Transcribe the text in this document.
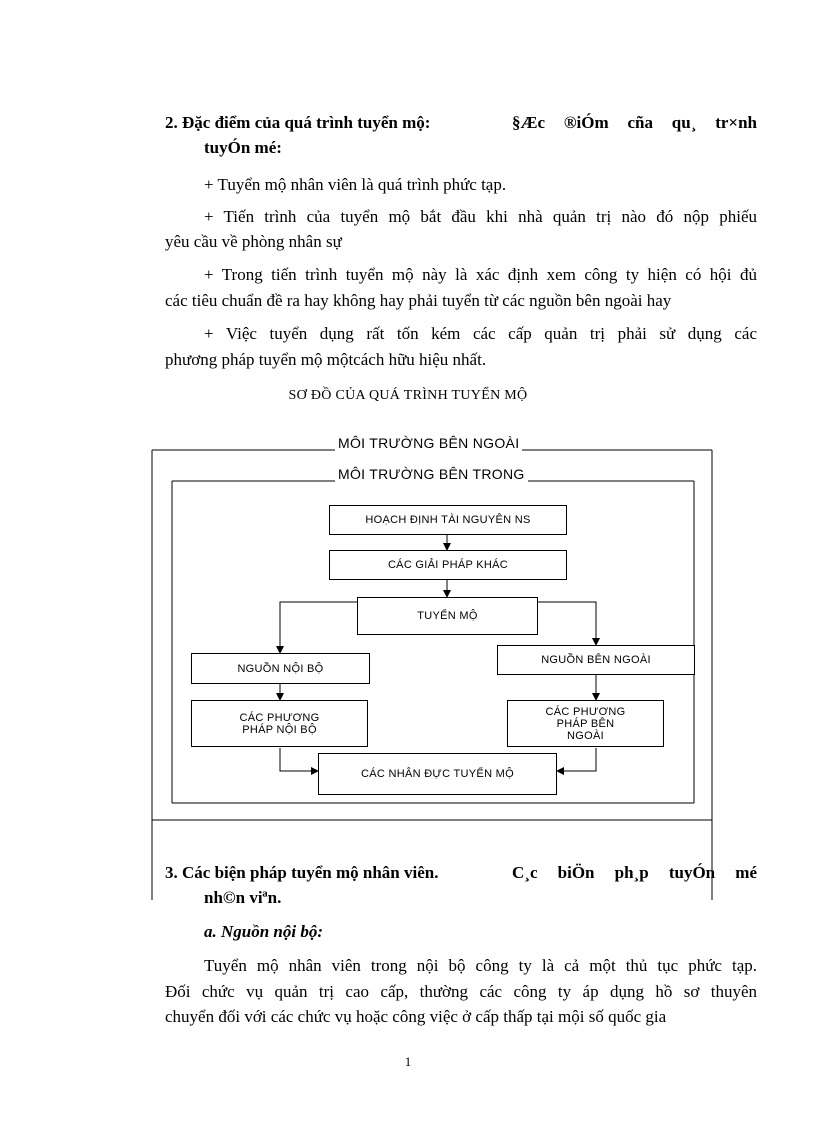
2. Đặc điểm của quá trình tuyển mộ:	§Æc ®iÓm cña qu¸ tr×nh
tuyÓn mé:
+ Tuyển mộ nhân viên là quá trình phức tạp.
+ Tiến trình của tuyển mộ bắt đầu khi nhà quản trị nào đó nộp phiếu
yêu cầu về phòng nhân sự
+ Trong tiến trình tuyển mộ này là xác định xem công ty hiện có hội đủ
các tiêu chuẩn đề ra hay không hay phải tuyển từ các nguồn bên ngoài hay
+ Việc tuyển dụng rất tốn kém các cấp quản trị phải sử dụng các
phương pháp tuyển mộ mộtcách hữu hiệu nhất.
SƠ ĐỒ CỦA QUÁ TRÌNH TUYỂN MỘ
MÔI TRƯỜNG BÊN NGOÀI
MÔI TRƯỜNG BÊN TRONG
HOẠCH ĐỊNH TÀI NGUYÊN NS
CÁC GIẢI PHÁP KHÁC
TUYỂN MỘ
NGUỒN NỘI BỘ
NGUỒN BÊN NGOÀI
CÁC PHƯƠNG PHÁP NỘI BỘ
CÁC PHƯƠNG PHÁP BÊN NGOÀI
CÁC NHÂN ĐỰC TUYỂN MỘ
3. Các biện pháp tuyển mộ nhân viên.	C¸c biÖn ph¸p tuyÓn mé
nh©n viªn.
a. Nguồn nội bộ:
Tuyển mộ nhân viên trong nội bộ công ty là cả một thủ tục phức tạp.
Đối chức vụ quản trị cao cấp, thường các công ty áp dụng hồ sơ thuyên
chuyển đối với các chức vụ hoặc công việc ở cấp thấp tại mội số quốc gia
1
